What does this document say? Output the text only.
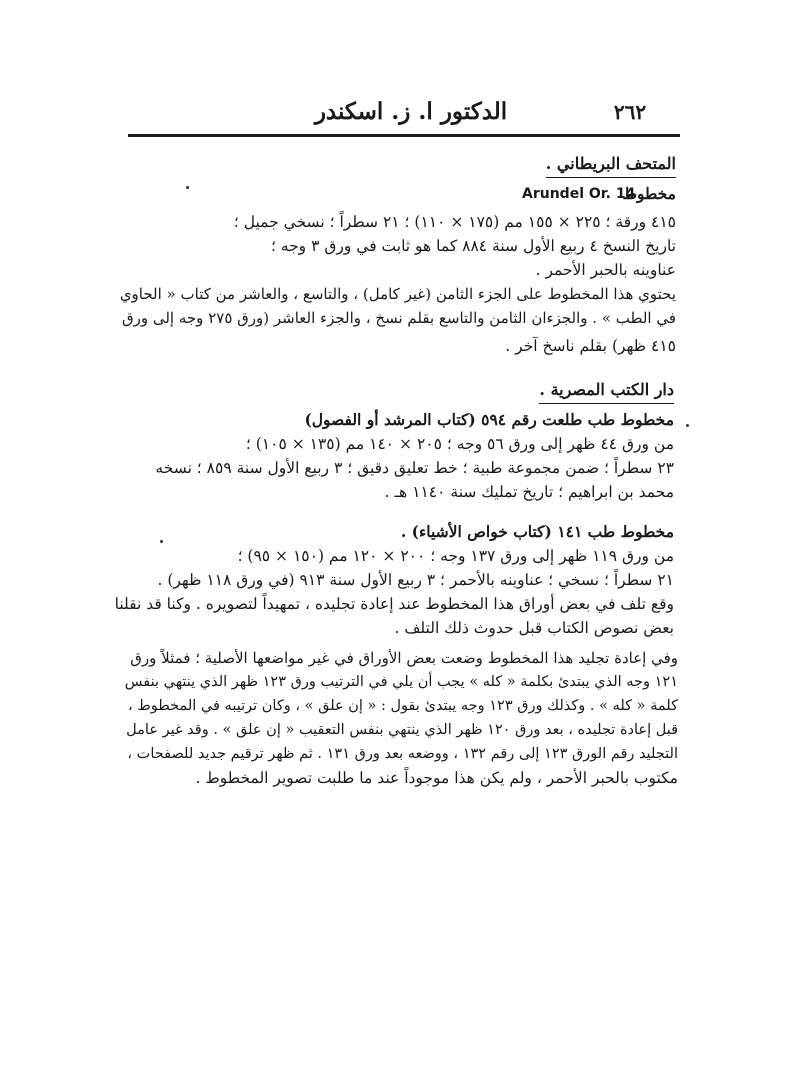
٢٦٢
الدكتور ا. ز. اسكندر
المتحف البريطاني .
مخطوط
Arundel Or. 14
٤١٥ ورقة ؛ ٢٢٥ × ١٥٥ مم (١٧٥ × ١١٠) ؛ ٢١ سطراً ؛ نسخي جميل ؛
تاريخ النسخ ٤ ربيع الأول سنة ٨٨٤ كما هو ثابت في ورق ٣ وجه ؛
عناوينه بالحبر الأحمر .
يحتوي هذا المخطوط على الجزء الثامن (غير كامل) ، والتاسع ، والعاشر من كتاب « الحاوي
في الطب » . والجزءان الثامن والتاسع بقلم نسخ ، والجزء العاشر (ورق ٢٧٥ وجه إلى ورق
٤١٥ ظهر) بقلم ناسخ آخر .
دار الكتب المصرية .
مخطوط طب طلعت رقم ٥٩٤ (كتاب المرشد أو الفصول)
من ورق ٤٤ ظهر إلى ورق ٥٦ وجه ؛ ٢٠٥ × ١٤٠ مم (١٣٥ × ١٠٥) ؛
٢٣ سطراً ؛ ضمن مجموعة طبية ؛ خط تعليق دقيق ؛ ٣ ربيع الأول سنة ٨٥٩ ؛ نسخه
محمد بن ابراهيم ؛ تاريخ تمليك سنة ١١٤٠ هـ .
مخطوط طب ١٤١ (كتاب خواص الأشياء) .
من ورق ١١٩ ظهر إلى ورق ١٣٧ وجه ؛ ٢٠٠ × ١٢٠ مم (١٥٠ × ٩٥) ؛
٢١ سطراً ؛ نسخي ؛ عناوينه بالأحمر ؛ ٣ ربيع الأول سنة ٩١٣ (في ورق ١١٨ ظهر) .
وقع تلف في بعض أوراق هذا المخطوط عند إعادة تجليده ، تمهيداً لتصويره . وكنا قد نقلنا
بعض نصوص الكتاب قبل حدوث ذلك التلف .
وفي إعادة تجليد هذا المخطوط وضعت بعض الأوراق في غير مواضعها الأصلية ؛ فمثلاً ورق
١٢١ وجه الذي يبتدئ بكلمة « كله » يجب أن يلي في الترتيب ورق ١٢٣ ظهر الذي ينتهي بنفس
كلمة « كله » . وكذلك ورق ١٢٣ وجه يبتدئ بقول : « إن علق » ، وكان ترتيبه في المخطوط ،
قبل إعادة تجليده ، بعد ورق ١٢٠ ظهر الذي ينتهي بنفس التعقيب « إن علق » . وقد غير عامل
التجليد رقم الورق ١٢٣ إلى رقم ١٣٢ ، ووضعه بعد ورق ١٣١ . ثم ظهر ترقيم جديد للصفحات ،
مكتوب بالحبر الأحمر ، ولم يكن هذا موجوداً عند ما طلبت تصوير المخطوط .
